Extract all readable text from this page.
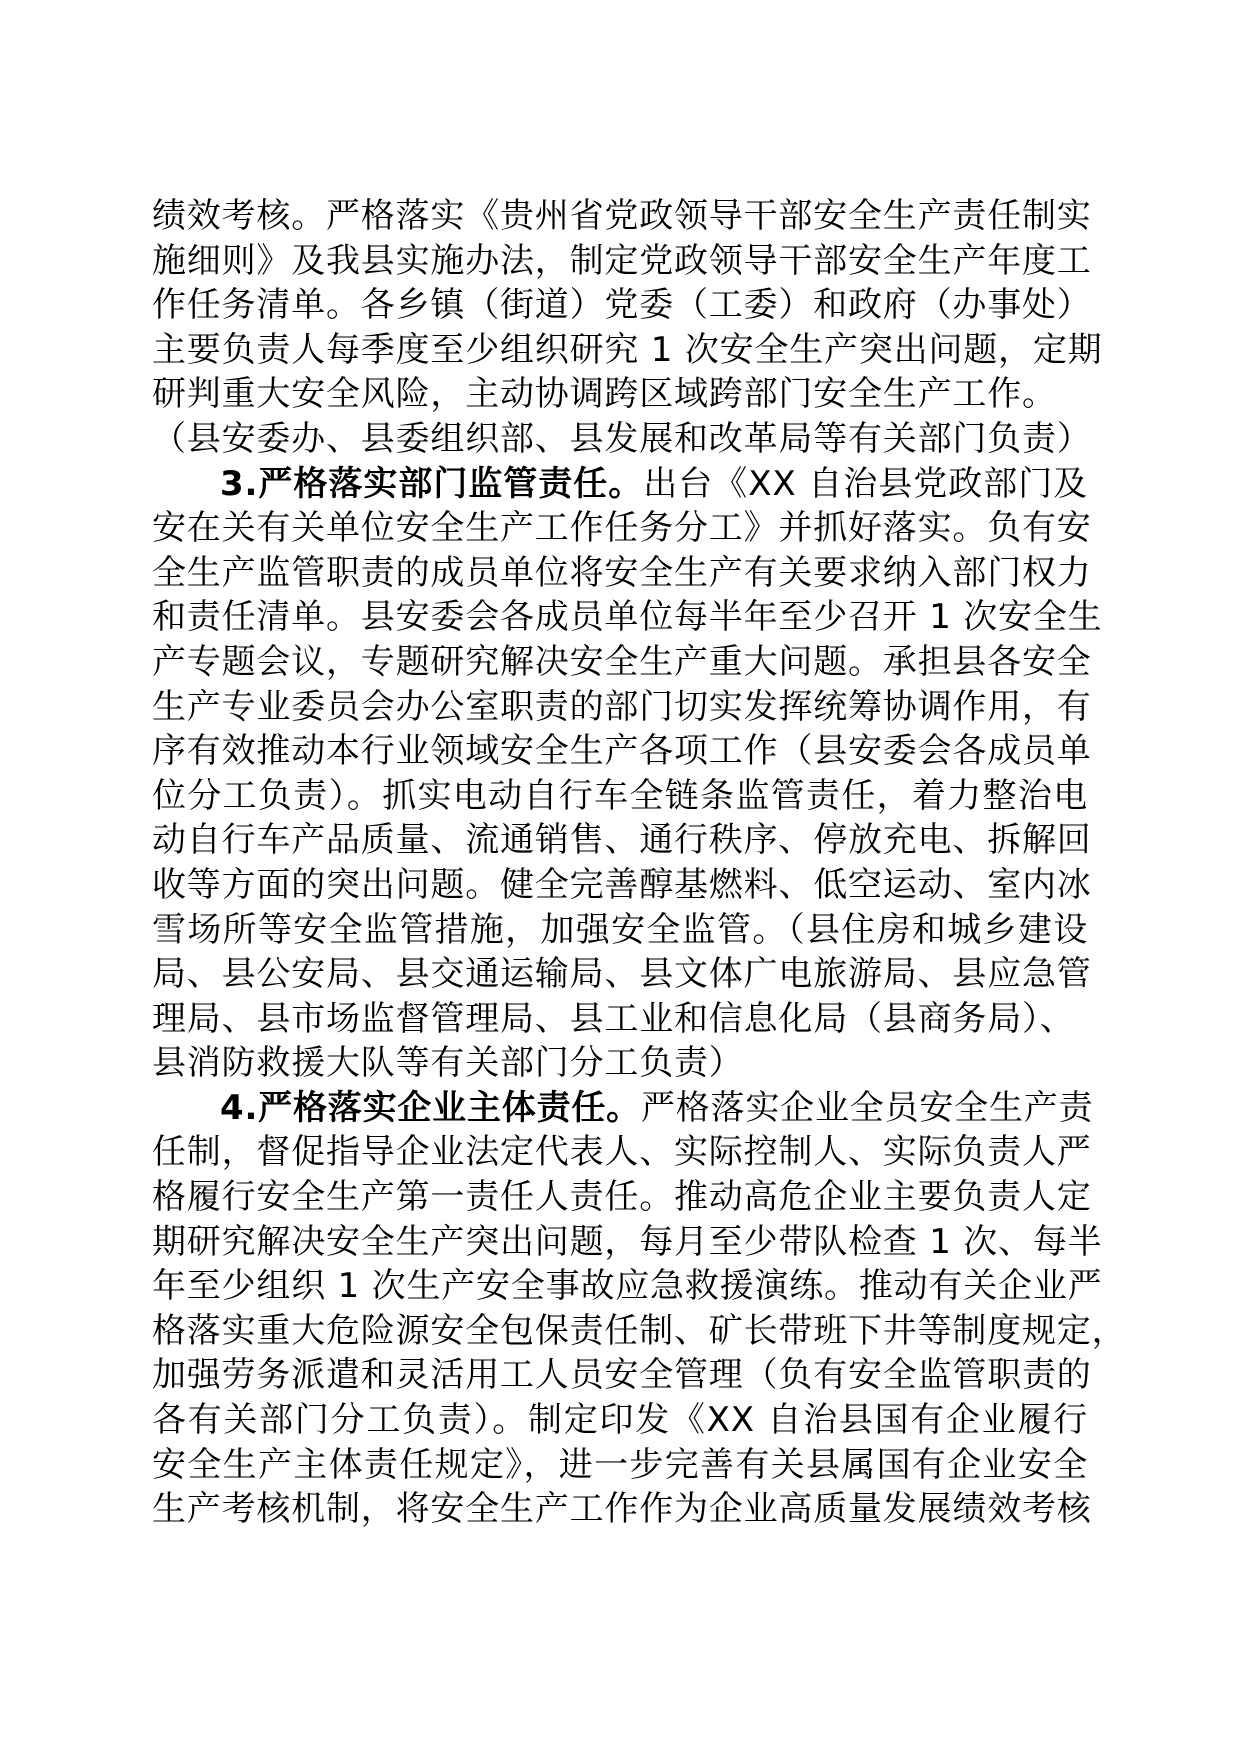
绩效考核。严格落实《贵州省党政领导干部安全生产责任制实
施细则》及我县实施办法，制定党政领导干部安全生产年度工
作任务清单。各乡镇（街道）党委（工委）和政府（办事处）
主要负责人每季度至少组织研究 1 次安全生产突出问题，定期
研判重大安全风险，主动协调跨区域跨部门安全生产工作。
（县安委办、县委组织部、县发展和改革局等有关部门负责）
3.严格落实部门监管责任。出台《XX 自治县党政部门及
安在关有关单位安全生产工作任务分工》并抓好落实。负有安
全生产监管职责的成员单位将安全生产有关要求纳入部门权力
和责任清单。县安委会各成员单位每半年至少召开 1 次安全生
产专题会议，专题研究解决安全生产重大问题。承担县各安全
生产专业委员会办公室职责的部门切实发挥统筹协调作用，有
序有效推动本行业领域安全生产各项工作（县安委会各成员单
位分工负责）。抓实电动自行车全链条监管责任，着力整治电
动自行车产品质量、流通销售、通行秩序、停放充电、拆解回
收等方面的突出问题。健全完善醇基燃料、低空运动、室内冰
雪场所等安全监管措施，加强安全监管。（县住房和城乡建设
局、县公安局、县交通运输局、县文体广电旅游局、县应急管
理局、县市场监督管理局、县工业和信息化局（县商务局）、
县消防救援大队等有关部门分工负责）
4.严格落实企业主体责任。严格落实企业全员安全生产责
任制，督促指导企业法定代表人、实际控制人、实际负责人严
格履行安全生产第一责任人责任。推动高危企业主要负责人定
期研究解决安全生产突出问题，每月至少带队检查 1 次、每半
年至少组织 1 次生产安全事故应急救援演练。推动有关企业严
格落实重大危险源安全包保责任制、矿长带班下井等制度规定，
加强劳务派遣和灵活用工人员安全管理（负有安全监管职责的
各有关部门分工负责）。制定印发《XX 自治县国有企业履行
安全生产主体责任规定》，进一步完善有关县属国有企业安全
生产考核机制，将安全生产工作作为企业高质量发展绩效考核
